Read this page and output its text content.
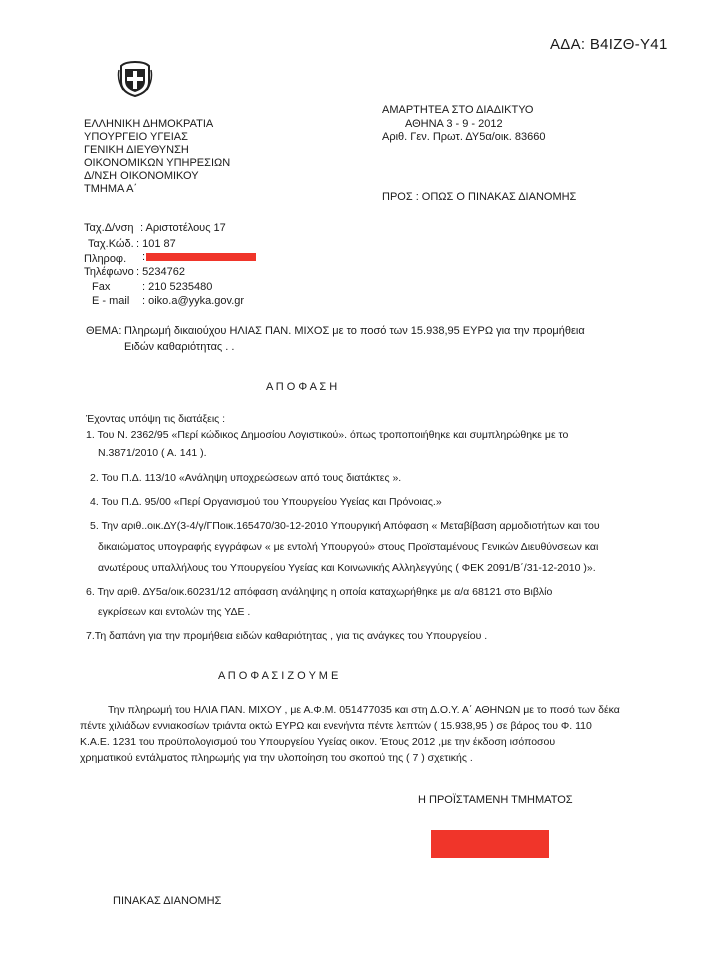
ΑΔΑ: Β4ΙΖΘ-Υ41
ΕΛΛΗΝΙΚΗ ΔΗΜΟΚΡΑΤΙΑ
ΥΠΟΥΡΓΕΙΟ ΥΓΕΙΑΣ
ΓΕΝΙΚΗ ΔΙΕΥΘΥΝΣΗ
ΟΙΚΟΝΟΜΙΚΩΝ ΥΠΗΡΕΣΙΩΝ
Δ/ΝΣΗ ΟΙΚΟΝΟΜΙΚΟΥ
ΤΜΗΜΑ Α΄
ΑΜΑΡΤΗΤΕΑ ΣΤΟ ΔΙΑΔΙΚΤΥΟ
ΑΘΗΝΑ 3 - 9 - 2012
Αριθ. Γεν. Πρωτ. ΔΥ5α/οικ. 83660
ΠΡΟΣ : ΟΠΩΣ Ο ΠΙΝΑΚΑΣ ΔΙΑΝΟΜΗΣ
Ταχ.Δ/νση : Αριστοτέλους 17
Ταχ.Κώδ. : 101 87
Πληροφ. :
Τηλέφωνο : 5234762
Fax	: 210 5235480
E - mail : oiko.a@yyka.gov.gr
ΘΕΜΑ: Πληρωμή δικαιούχου ΗΛΙΑΣ ΠΑΝ. ΜΙΧΟΣ με το ποσό των 15.938,95 ΕΥΡΩ για την προμήθεια
Ειδών καθαριότητας . .
Α Π Ο Φ Α Σ Η
Έχοντας υπόψη τις διατάξεις :
1. Του Ν. 2362/95 «Περί κώδικος Δημοσίου Λογιστικού». όπως τροποποιήθηκε και συμπληρώθηκε με το
Ν.3871/2010 ( Α. 141 ).
2. Του Π.Δ. 113/10 «Ανάληψη υποχρεώσεων από τους διατάκτες ».
4. Του Π.Δ. 95/00 «Περί Οργανισμού του Υπουργείου Υγείας και Πρόνοιας.»
5. Την αριθ..οικ.ΔΥ(3-4/γ/ΓΠοικ.165470/30-12-2010 Υπουργική Απόφαση « Μεταβίβαση αρμοδιοτήτων και του
δικαιώματος υπογραφής εγγράφων « με εντολή Υπουργού» στους Προϊσταμένους Γενικών Διευθύνσεων και
ανωτέρους υπαλλήλους του Υπουργείου Υγείας και Κοινωνικής Αλληλεγγύης ( ΦΕΚ 2091/Β΄/31-12-2010 )».
6. Την αριθ. ΔΥ5α/οικ.60231/12 απόφαση ανάληψης η οποία καταχωρήθηκε με α/α 68121 στο Βιβλίο
εγκρίσεων και εντολών της ΥΔΕ .
7.Τη δαπάνη για την προμήθεια ειδών καθαριότητας , για τις ανάγκες του Υπουργείου .
Α Π Ο Φ Α Σ Ι Ζ Ο Υ Μ Ε
Την πληρωμή του ΗΛΙΑ ΠΑΝ. ΜΙΧΟΥ , με Α.Φ.Μ. 051477035 και στη Δ.Ο.Υ. Α΄ ΑΘΗΝΩΝ με το ποσό των δέκα
πέντε χιλιάδων εννιακοσίων τριάντα οκτώ ΕΥΡΩ και ενενήντα πέντε λεπτών ( 15.938,95 ) σε βάρος του Φ. 110
Κ.Α.Ε. 1231 του προϋπολογισμού του Υπουργείου Υγείας οικον. Έτους 2012 ,με την έκδοση ισόποσου
χρηματικού εντάλματος πληρωμής για την υλοποίηση του σκοπού της ( 7 ) σχετικής .
Η ΠΡΟΪΣΤΑΜΕΝΗ ΤΜΗΜΑΤΟΣ
ΠΙΝΑΚΑΣ ΔΙΑΝΟΜΗΣ
